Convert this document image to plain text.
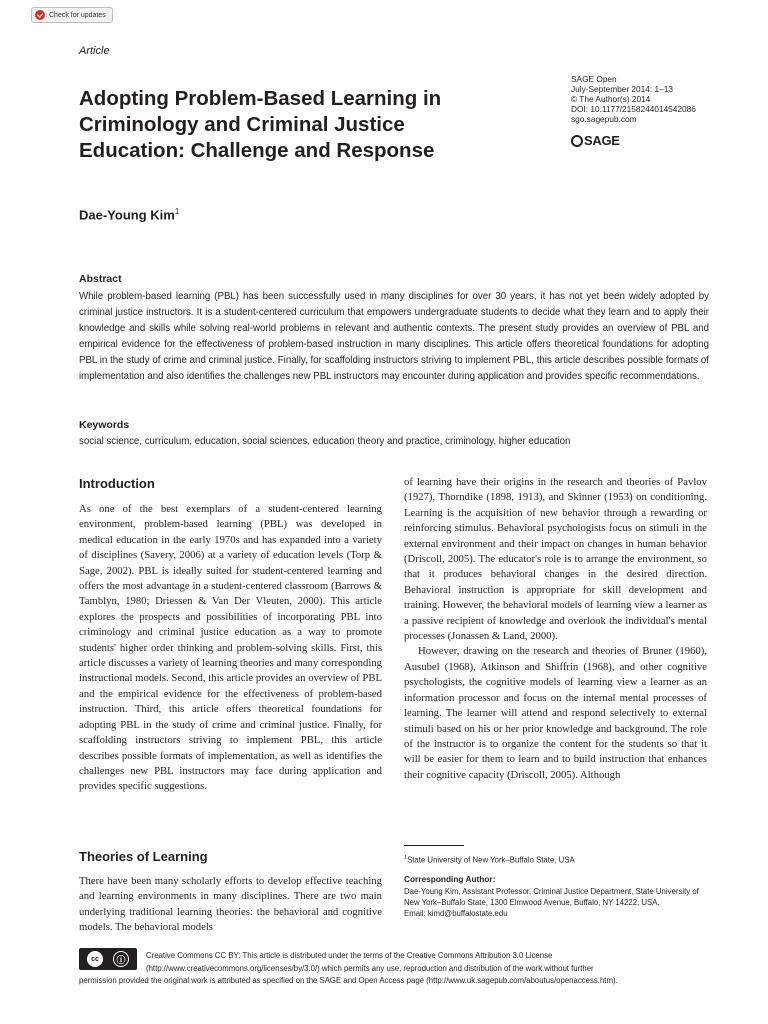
Check for updates
Article
SAGE Open
July-September 2014: 1–13
© The Author(s) 2014
DOI: 10.1177/2158244014542086
sgo.sagepub.com
SAGE
Adopting Problem-Based Learning in Criminology and Criminal Justice Education: Challenge and Response
Dae-Young Kim$^1$
Abstract

While problem-based learning (PBL) has been successfully used in many disciplines for over 30 years, it has not yet been widely adopted by criminal justice instructors. It is a student-centered curriculum that empowers undergraduate students to decide what they learn and to apply their knowledge and skills while solving real-world problems in relevant and authentic contexts. The present study provides an overview of PBL and empirical evidence for the effectiveness of problem-based instruction in many disciplines. This article offers theoretical foundations for adopting PBL in the study of crime and criminal justice. Finally, for scaffolding instructors striving to implement PBL, this article describes possible formats of implementation and also identifies the challenges new PBL instructors may encounter during application and provides specific recommendations.

Keywords

social science, curriculum, education, social sciences, education theory and practice, criminology, higher education

Introduction

As one of the best exemplars of a student-centered learning environment, problem-based learning (PBL) was developed in medical education in the early 1970s and has expanded into a variety of disciplines (Savery, 2006) at a variety of education levels (Torp & Sage, 2002). PBL is ideally suited for student-centered learning and offers the most advantage in a student-centered classroom (Barrows & Tamblyn, 1980; Driessen & Van Der Vleuten, 2000). This article explores the prospects and possibilities of incorporating PBL into criminology and criminal justice education as a way to promote students' higher order thinking and problem-solving skills. First, this article discusses a variety of learning theories and many corresponding instructional models. Second, this article provides an overview of PBL and the empirical evidence for the effectiveness of problem-based instruction. Third, this article offers theoretical foundations for adopting PBL in the study of crime and criminal justice. Finally, for scaffolding instructors striving to implement PBL, this article describes possible formats of implementation, as well as identifies the challenges new PBL instructors may face during application and provides specific suggestions.

Theories of Learning

There have been many scholarly efforts to develop effective teaching and learning environments in many disciplines. There are two main underlying traditional learning theories: the behavioral and cognitive models. The behavioral models

of learning have their origins in the research and theories of Pavlov (1927), Thorndike (1898, 1913), and Skinner (1953) on conditioning. Learning is the acquisition of new behavior through a rewarding or reinforcing stimulus. Behavioral psychologists focus on stimuli in the external environment and their impact on changes in human behavior (Driscoll, 2005). The educator's role is to arrange the environment, so that it produces behavioral changes in the desired direction. Behavioral instruction is appropriate for skill development and training. However, the behavioral models of learning view a learner as a passive recipient of knowledge and overlook the individual's mental processes (Jonassen & Land, 2000).

However, drawing on the research and theories of Bruner (1960), Ausubel (1968), Atkinson and Shiffrin (1968), and other cognitive psychologists, the cognitive models of learning view a learner as an information processor and focus on the internal mental processes of learning. The learner will attend and respond selectively to external stimuli based on his or her prior knowledge and background. The role of the instructor is to organize the content for the students so that it will be easier for them to learn and to build instruction that enhances their cognitive capacity (Driscoll, 2005). Although

$^1$State University of New York–Buffalo State, USA
Corresponding Author:
Dae-Young Kim, Assistant Professor, Criminal Justice Department, State University of New York–Buffalo State, 1300 Elmwood Avenue, Buffalo, NY 14222, USA.
Email: kimd@buffalostate.edu
cc	ⓘ	Creative Commons CC BY: This article is distributed under the terms of the Creative Commons Attribution 3.0 License
(http://www.creativecommons.org/licenses/by/3.0/) which permits any use, reproduction and distribution of the work without further
permission provided the original work is attributed as specified on the SAGE and Open Access page (http://www.uk.sagepub.com/aboutus/openaccess.htm).
